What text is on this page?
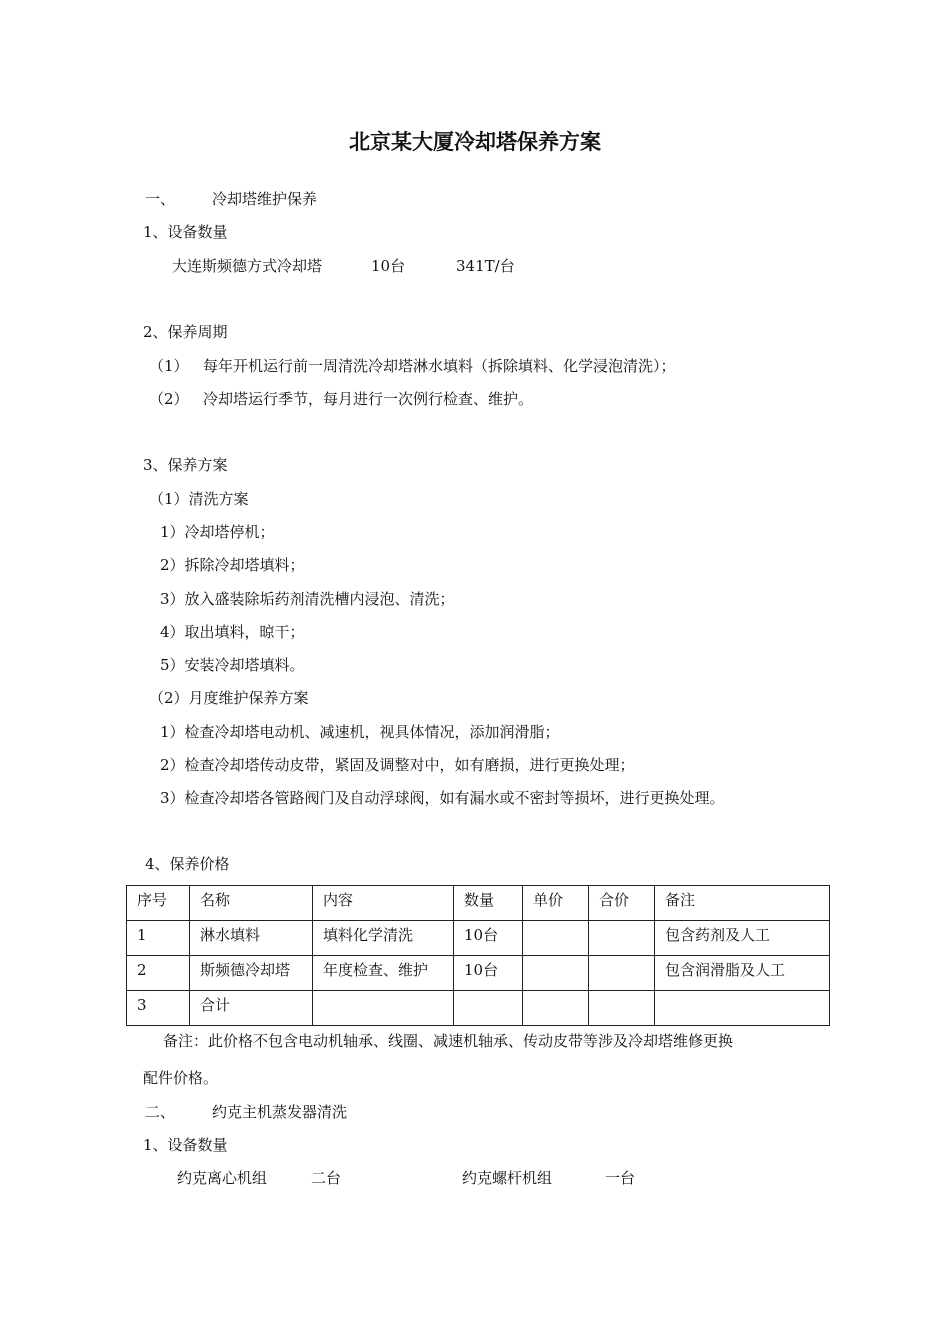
北京某大厦冷却塔保养方案
一、 冷却塔维护保养
1、设备数量
大连斯频德方式冷却塔	10台	341T/台
2、保养周期
（1） 每年开机运行前一周清洗冷却塔淋水填料（拆除填料、化学浸泡清洗）；
（2） 冷却塔运行季节，每月进行一次例行检查、维护。
3、保养方案
（1）清洗方案
1）冷却塔停机；
2）拆除冷却塔填料；
3）放入盛装除垢药剂清洗槽内浸泡、清洗；
4）取出填料，晾干；
5）安装冷却塔填料。
（2）月度维护保养方案
1）检查冷却塔电动机、减速机，视具体情况，添加润滑脂；
2）检查冷却塔传动皮带，紧固及调整对中，如有磨损，进行更换处理；
3）检查冷却塔各管路阀门及自动浮球阀，如有漏水或不密封等损坏，进行更换处理。
4、保养价格
序号	名称	内容	数量	单价	合价	备注
1	淋水填料	填料化学清洗	10台			包含药剂及人工
2	斯频德冷却塔	年度检查、维护	10台			包含润滑脂及人工
3	合计					
备注：此价格不包含电动机轴承、线圈、减速机轴承、传动皮带等涉及冷却塔维修更换
配件价格。
二、 约克主机蒸发器清洗
1、设备数量
约克离心机组	二台	约克螺杆机组	一台
